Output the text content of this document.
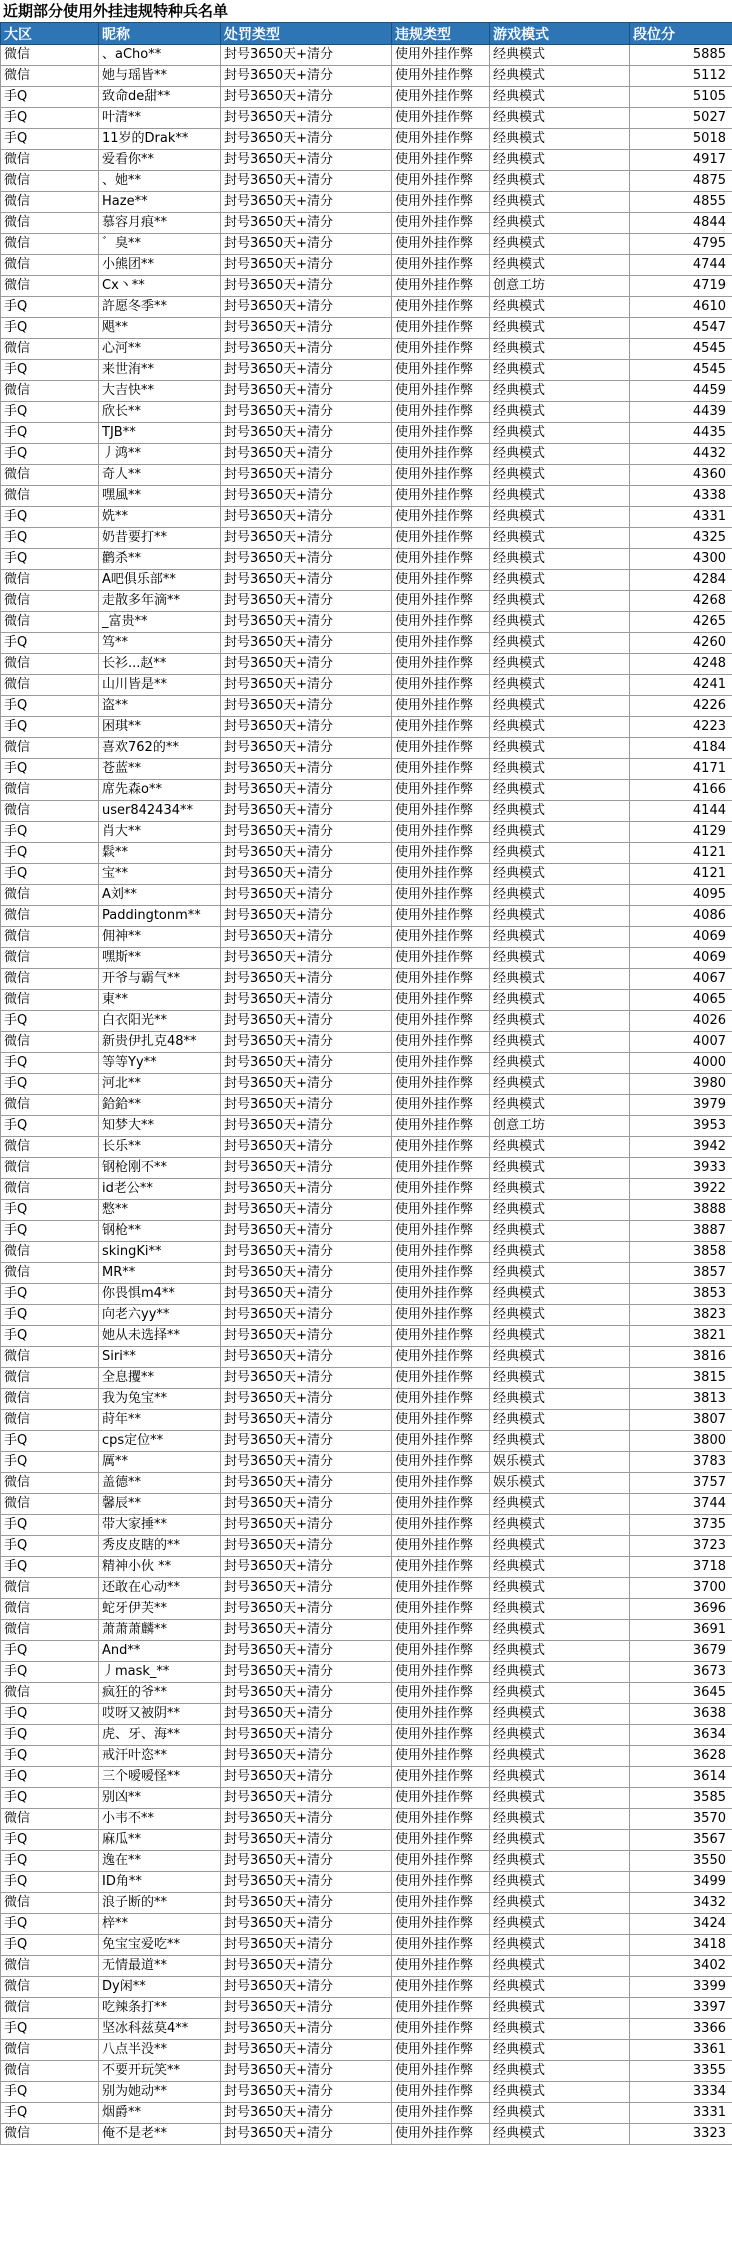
近期部分使用外挂违规特种兵名单
大区	昵称	处罚类型	违规类型	游戏模式	段位分
微信	、aCho**	封号3650天+清分	使用外挂作弊	经典模式	5885
微信	她与瑶皆**	封号3650天+清分	使用外挂作弊	经典模式	5112
手Q	致命de甜**	封号3650天+清分	使用外挂作弊	经典模式	5105
手Q	叶清**	封号3650天+清分	使用外挂作弊	经典模式	5027
手Q	11岁的Drak**	封号3650天+清分	使用外挂作弊	经典模式	5018
微信	爱看你**	封号3650天+清分	使用外挂作弊	经典模式	4917
微信	、她**	封号3650天+清分	使用外挂作弊	经典模式	4875
微信	Haze**	封号3650天+清分	使用外挂作弊	经典模式	4855
微信	慕容月痕**	封号3650天+清分	使用外挂作弊	经典模式	4844
微信	゛臭**	封号3650天+清分	使用外挂作弊	经典模式	4795
微信	小熊团**	封号3650天+清分	使用外挂作弊	经典模式	4744
微信	Cx丶**	封号3650天+清分	使用外挂作弊	创意工坊	4719
手Q	許愿冬季**	封号3650天+清分	使用外挂作弊	经典模式	4610
手Q	飓**	封号3650天+清分	使用外挂作弊	经典模式	4547
微信	心河**	封号3650天+清分	使用外挂作弊	经典模式	4545
手Q	来世洧**	封号3650天+清分	使用外挂作弊	经典模式	4545
微信	大吉快**	封号3650天+清分	使用外挂作弊	经典模式	4459
手Q	欣长**	封号3650天+清分	使用外挂作弊	经典模式	4439
手Q	TJB**	封号3650天+清分	使用外挂作弊	经典模式	4435
手Q	丿鸿**	封号3650天+清分	使用外挂作弊	经典模式	4432
微信	奇人**	封号3650天+清分	使用外挂作弊	经典模式	4360
微信	嘿風**	封号3650天+清分	使用外挂作弊	经典模式	4338
手Q	姺**	封号3650天+清分	使用外挂作弊	经典模式	4331
手Q	奶昔要打**	封号3650天+清分	使用外挂作弊	经典模式	4325
手Q	鹳杀**	封号3650天+清分	使用外挂作弊	经典模式	4300
微信	A吧俱乐部**	封号3650天+清分	使用外挂作弊	经典模式	4284
微信	走散多年滴**	封号3650天+清分	使用外挂作弊	经典模式	4268
微信	_富贵**	封号3650天+清分	使用外挂作弊	经典模式	4265
手Q	笃**	封号3650天+清分	使用外挂作弊	经典模式	4260
微信	长衫...赵**	封号3650天+清分	使用外挂作弊	经典模式	4248
微信	山川皆是**	封号3650天+清分	使用外挂作弊	经典模式	4241
手Q	盗**	封号3650天+清分	使用外挂作弊	经典模式	4226
手Q	困琪**	封号3650天+清分	使用外挂作弊	经典模式	4223
微信	喜欢762的**	封号3650天+清分	使用外挂作弊	经典模式	4184
手Q	苍蓝**	封号3650天+清分	使用外挂作弊	经典模式	4171
微信	席先森o**	封号3650天+清分	使用外挂作弊	经典模式	4166
微信	user842434**	封号3650天+清分	使用外挂作弊	经典模式	4144
手Q	肖大**	封号3650天+清分	使用外挂作弊	经典模式	4129
手Q	鬏**	封号3650天+清分	使用外挂作弊	经典模式	4121
手Q	宝**	封号3650天+清分	使用外挂作弊	经典模式	4121
微信	A刘**	封号3650天+清分	使用外挂作弊	经典模式	4095
微信	Paddingtonm**	封号3650天+清分	使用外挂作弊	经典模式	4086
微信	佣神**	封号3650天+清分	使用外挂作弊	经典模式	4069
微信	嘿斯**	封号3650天+清分	使用外挂作弊	经典模式	4069
微信	开爷与霸气**	封号3650天+清分	使用外挂作弊	经典模式	4067
微信	東**	封号3650天+清分	使用外挂作弊	经典模式	4065
手Q	白衣阳光**	封号3650天+清分	使用外挂作弊	经典模式	4026
微信	新贵伊扎克48**	封号3650天+清分	使用外挂作弊	经典模式	4007
手Q	等等Yy**	封号3650天+清分	使用外挂作弊	经典模式	4000
手Q	河北**	封号3650天+清分	使用外挂作弊	经典模式	3980
微信	鉿鉿**	封号3650天+清分	使用外挂作弊	经典模式	3979
手Q	知梦大**	封号3650天+清分	使用外挂作弊	创意工坊	3953
微信	长乐**	封号3650天+清分	使用外挂作弊	经典模式	3942
微信	钢枪刚不**	封号3650天+清分	使用外挂作弊	经典模式	3933
微信	id老公**	封号3650天+清分	使用外挂作弊	经典模式	3922
手Q	慗**	封号3650天+清分	使用外挂作弊	经典模式	3888
手Q	钢枪**	封号3650天+清分	使用外挂作弊	经典模式	3887
微信	skingKi**	封号3650天+清分	使用外挂作弊	经典模式	3858
微信	MR**	封号3650天+清分	使用外挂作弊	经典模式	3857
手Q	你畏惧m4**	封号3650天+清分	使用外挂作弊	经典模式	3853
手Q	向老六yy**	封号3650天+清分	使用外挂作弊	经典模式	3823
手Q	她从未选择**	封号3650天+清分	使用外挂作弊	经典模式	3821
微信	Siri**	封号3650天+清分	使用外挂作弊	经典模式	3816
微信	全息攫**	封号3650天+清分	使用外挂作弊	经典模式	3815
微信	我为兔宝**	封号3650天+清分	使用外挂作弊	经典模式	3813
微信	莳年**	封号3650天+清分	使用外挂作弊	经典模式	3807
手Q	cps定位**	封号3650天+清分	使用外挂作弊	经典模式	3800
手Q	厲**	封号3650天+清分	使用外挂作弊	娱乐模式	3783
微信	盖德**	封号3650天+清分	使用外挂作弊	娱乐模式	3757
微信	馨辰**	封号3650天+清分	使用外挂作弊	经典模式	3744
手Q	带大家捶**	封号3650天+清分	使用外挂作弊	经典模式	3735
手Q	秀皮皮瞎的**	封号3650天+清分	使用外挂作弊	经典模式	3723
手Q	精神小伙 **	封号3650天+清分	使用外挂作弊	经典模式	3718
微信	还敢在心动**	封号3650天+清分	使用外挂作弊	经典模式	3700
微信	蛇牙伊芙**	封号3650天+清分	使用外挂作弊	经典模式	3696
微信	萧萧萧麟**	封号3650天+清分	使用外挂作弊	经典模式	3691
手Q	And**	封号3650天+清分	使用外挂作弊	经典模式	3679
手Q	丿mask_**	封号3650天+清分	使用外挂作弊	经典模式	3673
微信	疯狂的爷**	封号3650天+清分	使用外挂作弊	经典模式	3645
手Q	哎呀又被阴**	封号3650天+清分	使用外挂作弊	经典模式	3638
手Q	虎、牙、海**	封号3650天+清分	使用外挂作弊	经典模式	3634
手Q	戒汗叶恣**	封号3650天+清分	使用外挂作弊	经典模式	3628
手Q	三个嗳嗳怪**	封号3650天+清分	使用外挂作弊	经典模式	3614
手Q	别凶**	封号3650天+清分	使用外挂作弊	经典模式	3585
微信	小韦不**	封号3650天+清分	使用外挂作弊	经典模式	3570
手Q	麻瓜**	封号3650天+清分	使用外挂作弊	经典模式	3567
手Q	逸在**	封号3650天+清分	使用外挂作弊	经典模式	3550
手Q	ID角**	封号3650天+清分	使用外挂作弊	经典模式	3499
微信	浪子断的**	封号3650天+清分	使用外挂作弊	经典模式	3432
手Q	梓**	封号3650天+清分	使用外挂作弊	经典模式	3424
手Q	免宝宝爱吃**	封号3650天+清分	使用外挂作弊	经典模式	3418
微信	无情最道**	封号3650天+清分	使用外挂作弊	经典模式	3402
微信	Dy闲**	封号3650天+清分	使用外挂作弊	经典模式	3399
微信	吃辣条打**	封号3650天+清分	使用外挂作弊	经典模式	3397
手Q	坚冰科兹莫4**	封号3650天+清分	使用外挂作弊	经典模式	3366
微信	八点半没**	封号3650天+清分	使用外挂作弊	经典模式	3361
微信	不要开玩笑**	封号3650天+清分	使用外挂作弊	经典模式	3355
手Q	别为她动**	封号3650天+清分	使用外挂作弊	经典模式	3334
手Q	烟爵**	封号3650天+清分	使用外挂作弊	经典模式	3331
微信	俺不是老**	封号3650天+清分	使用外挂作弊	经典模式	3323
